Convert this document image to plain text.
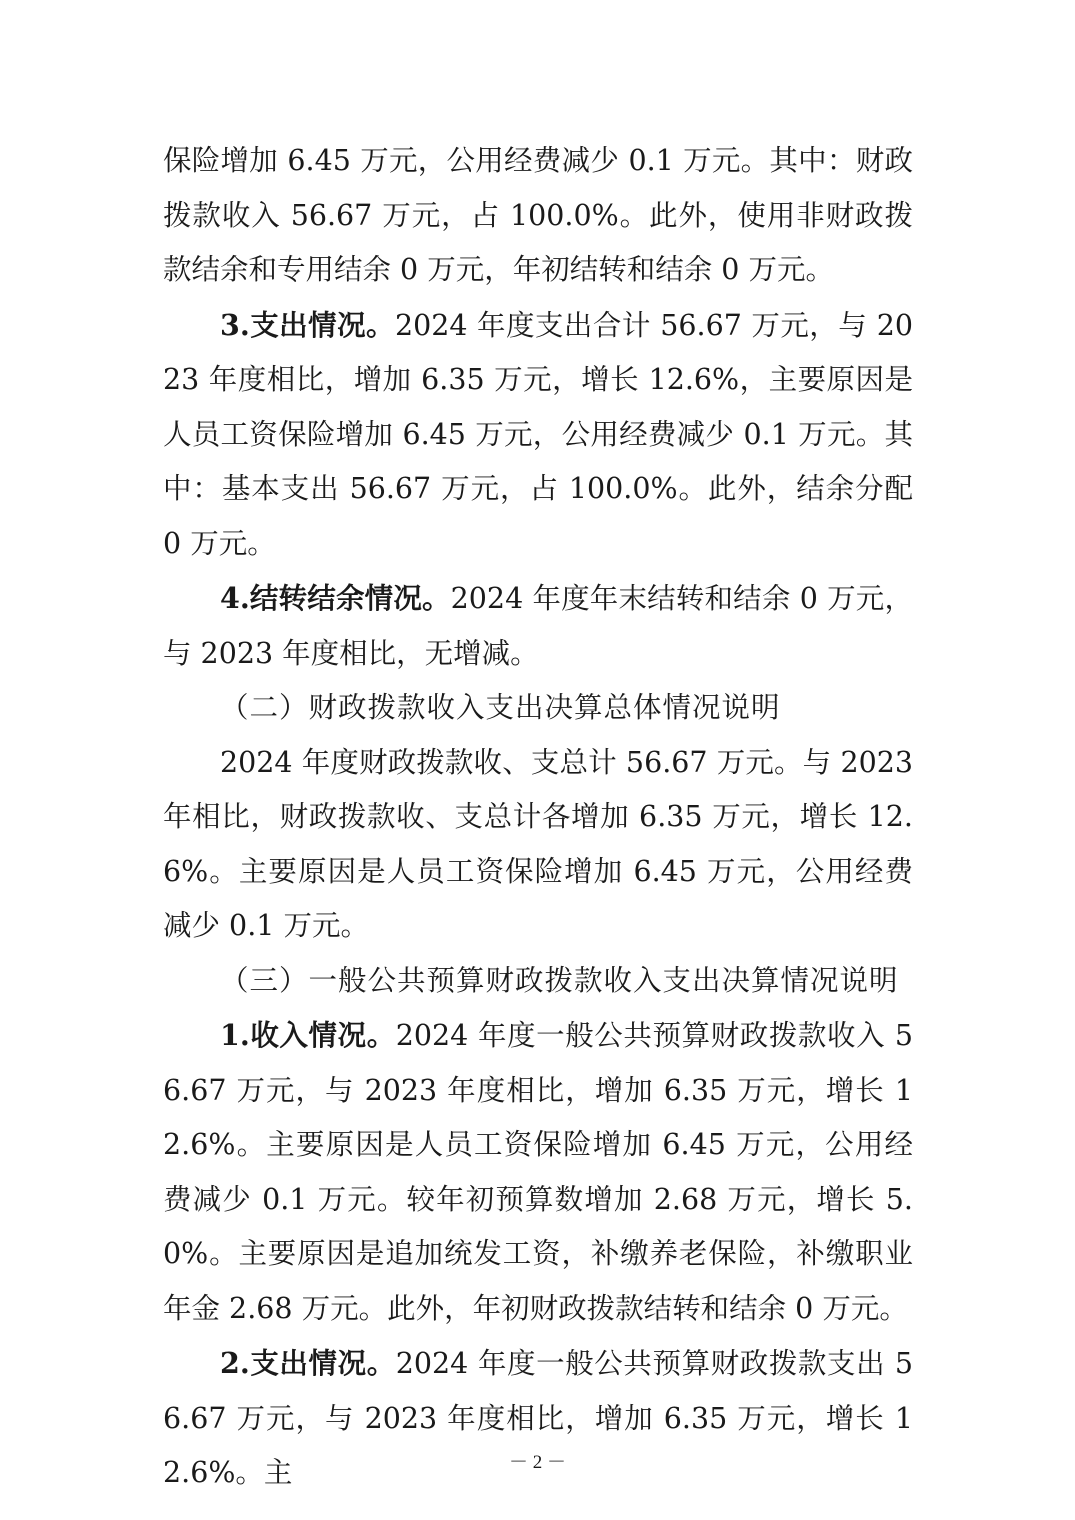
保险增加 6.45 万元，公用经费减少 0.1 万元。其中：财政拨款收入 56.67 万元，占 100.0%。此外，使用非财政拨款结余和专用结余 0 万元，年初结转和结余 0 万元。

3.支出情况。2024 年度支出合计 56.67 万元，与 2023 年度相比，增加 6.35 万元，增长 12.6%，主要原因是人员工资保险增加 6.45 万元，公用经费减少 0.1 万元。其中：基本支出 56.67 万元，占 100.0%。此外，结余分配 0 万元。

4.结转结余情况。2024 年度年末结转和结余 0 万元，与 2023 年度相比，无增减。

（二）财政拨款收入支出决算总体情况说明

2024 年度财政拨款收、支总计 56.67 万元。与 2023 年相比，财政拨款收、支总计各增加 6.35 万元，增长 12.6%。主要原因是人员工资保险增加 6.45 万元，公用经费减少 0.1 万元。

（三）一般公共预算财政拨款收入支出决算情况说明

1.收入情况。2024 年度一般公共预算财政拨款收入 56.67 万元，与 2023 年度相比，增加 6.35 万元，增长 12.6%。主要原因是人员工资保险增加 6.45 万元，公用经费减少 0.1 万元。较年初预算数增加 2.68 万元，增长 5.0%。主要原因是追加统发工资，补缴养老保险，补缴职业年金 2.68 万元。此外，年初财政拨款结转和结余 0 万元。

2.支出情况。2024 年度一般公共预算财政拨款支出 56.67 万元，与 2023 年度相比，增加 6.35 万元，增长 12.6%。主	－ 2 －
